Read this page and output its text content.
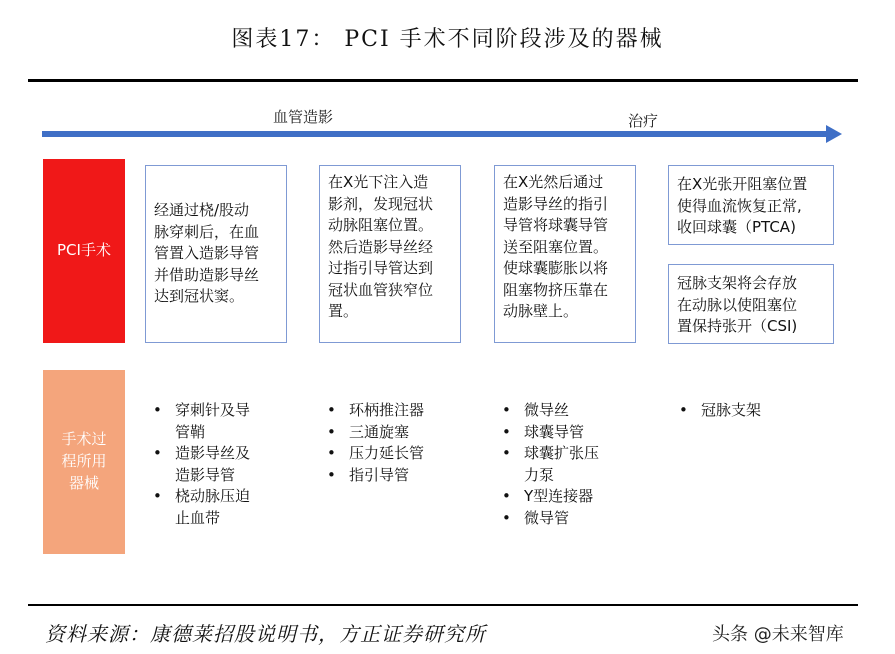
图表17： PCI 手术不同阶段涉及的器械
血管造影	治疗
PCI手术
手术过
程所用
器械
经通过桡/股动
脉穿刺后，在血
管置入造影导管
并借助造影导丝
达到冠状窦。
在X光下注入造
影剂，发现冠状
动脉阻塞位置。
然后造影导丝经
过指引导管达到
冠状血管狭窄位
置。
在X光然后通过
造影导丝的指引
导管将球囊导管
送至阻塞位置。
使球囊膨胀以将
阻塞物挤压靠在
动脉壁上。
在X光张开阻塞位置
使得血流恢复正常,
收回球囊（PTCA)
冠脉支架将会存放
在动脉以使阻塞位
置保持张开（CSI)
• 穿刺针及导
管鞘
• 造影导丝及
造影导管
• 桡动脉压迫
止血带
• 环柄推注器
• 三通旋塞
• 压力延长管
• 指引导管
• 微导丝
• 球囊导管
• 球囊扩张压
力泵
• Y型连接器
• 微导管
• 冠脉支架
资料来源：康德莱招股说明书，方正证券研究所	头条 @未来智库
